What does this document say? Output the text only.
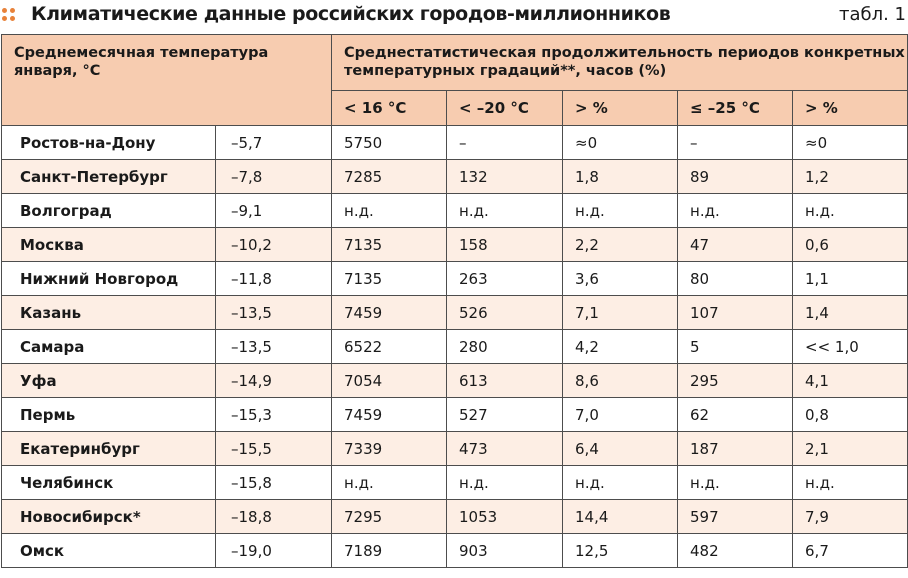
Климатические данные российских городов-миллионников	табл. 1
Среднемесячная температура января, °С		Среднестатистическая продолжительность периодов конкретных температурных градаций**, часов (%)				
		< 16 °С	< –20 °С	> %	≤ –25 °С	> %
Ростов-на-Дону	–5,7	5750	–	≈0	–	≈0
Санкт-Петербург	–7,8	7285	132	1,8	89	1,2
Волгоград	–9,1	н.д.	н.д.	н.д.	н.д.	н.д.
Москва	–10,2	7135	158	2,2	47	0,6
Нижний Новгород	–11,8	7135	263	3,6	80	1,1
Казань	–13,5	7459	526	7,1	107	1,4
Самара	–13,5	6522	280	4,2	5	<< 1,0
Уфа	–14,9	7054	613	8,6	295	4,1
Пермь	–15,3	7459	527	7,0	62	0,8
Екатеринбург	–15,5	7339	473	6,4	187	2,1
Челябинск	–15,8	н.д.	н.д.	н.д.	н.д.	н.д.
Новосибирск*	–18,8	7295	1053	14,4	597	7,9
Омск	–19,0	7189	903	12,5	482	6,7
